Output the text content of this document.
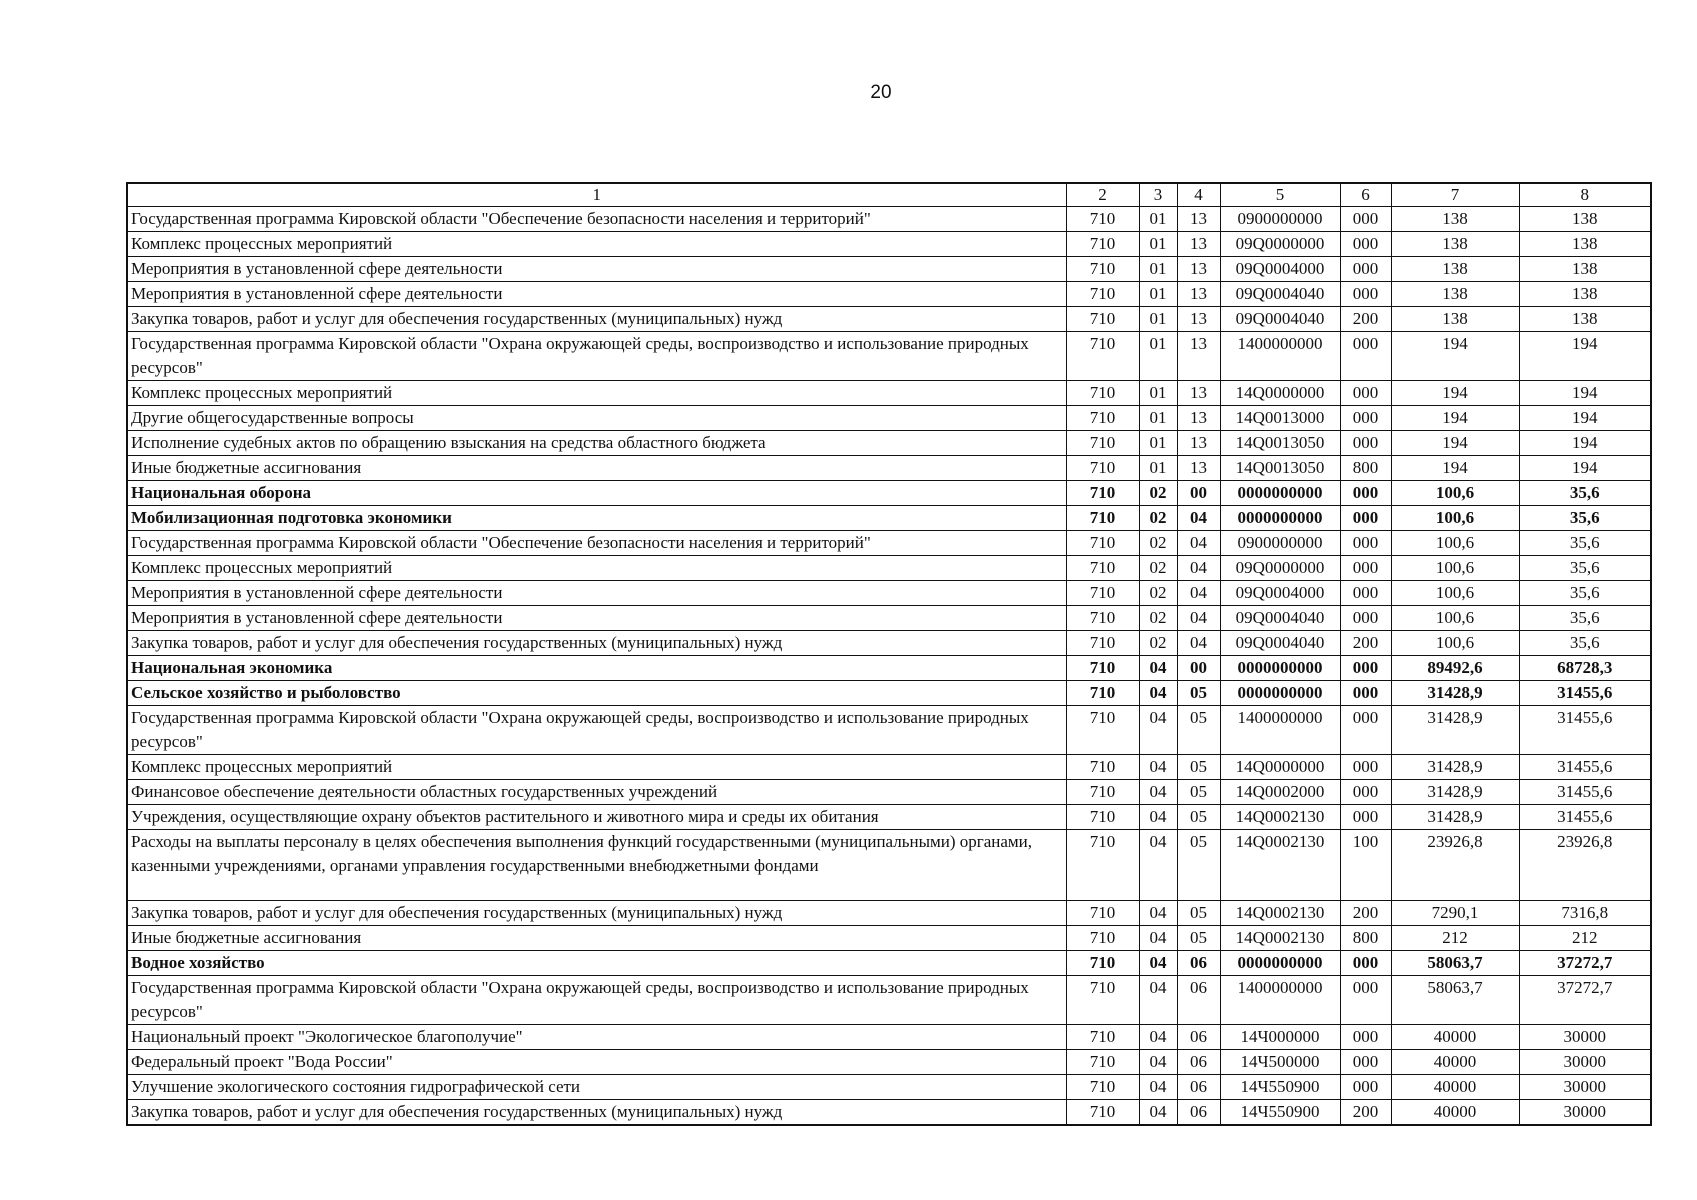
20
1	2	3	4	5	6	7	8
Государственная программа Кировской области "Обеспечение безопасности населения и территорий"	710	01	13	0900000000	000	138	138
Комплекс процессных мероприятий	710	01	13	09Q0000000	000	138	138
Мероприятия в установленной сфере деятельности	710	01	13	09Q0004000	000	138	138
Мероприятия в установленной сфере деятельности	710	01	13	09Q0004040	000	138	138
Закупка товаров, работ и услуг для обеспечения государственных (муниципальных) нужд	710	01	13	09Q0004040	200	138	138
Государственная программа Кировской области "Охрана окружающей среды, воспроизводство и использование природных ресурсов"	710	01	13	1400000000	000	194	194
Комплекс процессных мероприятий	710	01	13	14Q0000000	000	194	194
Другие общегосударственные вопросы	710	01	13	14Q0013000	000	194	194
Исполнение судебных актов по обращению взыскания на средства областного бюджета	710	01	13	14Q0013050	000	194	194
Иные бюджетные ассигнования	710	01	13	14Q0013050	800	194	194
Национальная оборона	710	02	00	0000000000	000	100,6	35,6
Мобилизационная подготовка экономики	710	02	04	0000000000	000	100,6	35,6
Государственная программа Кировской области "Обеспечение безопасности населения и территорий"	710	02	04	0900000000	000	100,6	35,6
Комплекс процессных мероприятий	710	02	04	09Q0000000	000	100,6	35,6
Мероприятия в установленной сфере деятельности	710	02	04	09Q0004000	000	100,6	35,6
Мероприятия в установленной сфере деятельности	710	02	04	09Q0004040	000	100,6	35,6
Закупка товаров, работ и услуг для обеспечения государственных (муниципальных) нужд	710	02	04	09Q0004040	200	100,6	35,6
Национальная экономика	710	04	00	0000000000	000	89492,6	68728,3
Сельское хозяйство и рыболовство	710	04	05	0000000000	000	31428,9	31455,6
Государственная программа Кировской области "Охрана окружающей среды, воспроизводство и использование природных ресурсов"	710	04	05	1400000000	000	31428,9	31455,6
Комплекс процессных мероприятий	710	04	05	14Q0000000	000	31428,9	31455,6
Финансовое обеспечение деятельности областных государственных учреждений	710	04	05	14Q0002000	000	31428,9	31455,6
Учреждения, осуществляющие охрану объектов растительного и животного мира и среды их обитания	710	04	05	14Q0002130	000	31428,9	31455,6
Расходы на выплаты персоналу в целях обеспечения выполнения функций государственными (муниципальными) органами, казенными учреждениями, органами управления государственными внебюджетными фондами	710	04	05	14Q0002130	100	23926,8	23926,8
Закупка товаров, работ и услуг для обеспечения государственных (муниципальных) нужд	710	04	05	14Q0002130	200	7290,1	7316,8
Иные бюджетные ассигнования	710	04	05	14Q0002130	800	212	212
Водное хозяйство	710	04	06	0000000000	000	58063,7	37272,7
Государственная программа Кировской области "Охрана окружающей среды, воспроизводство и использование природных ресурсов"	710	04	06	1400000000	000	58063,7	37272,7
Национальный проект "Экологическое благополучие"	710	04	06	14Ч000000	000	40000	30000
Федеральный проект "Вода России"	710	04	06	14Ч500000	000	40000	30000
Улучшение экологического состояния гидрографической сети	710	04	06	14Ч550900	000	40000	30000
Закупка товаров, работ и услуг для обеспечения государственных (муниципальных) нужд	710	04	06	14Ч550900	200	40000	30000
